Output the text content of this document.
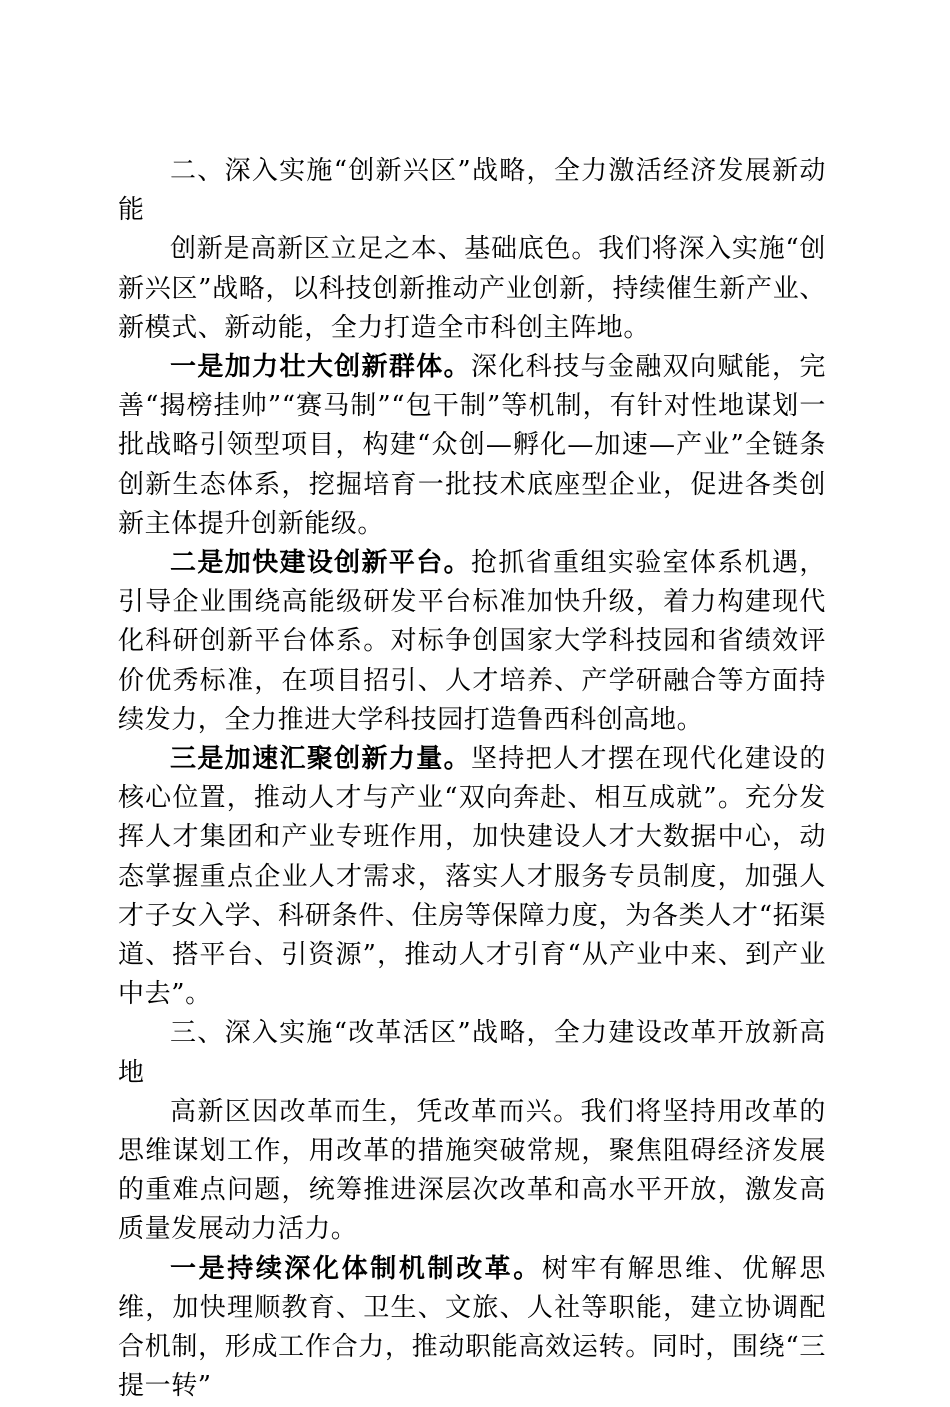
二、深入实施“创新兴区”战略，全力激活经济发展新动能

创新是高新区立足之本、基础底色。我们将深入实施“创新兴区”战略，以科技创新推动产业创新，持续催生新产业、新模式、新动能，全力打造全市科创主阵地。

一是加力壮大创新群体。深化科技与金融双向赋能，完善“揭榜挂帅”“赛马制”“包干制”等机制，有针对性地谋划一批战略引领型项目，构建“众创—孵化—加速—产业”全链条创新生态体系，挖掘培育一批技术底座型企业，促进各类创新主体提升创新能级。

二是加快建设创新平台。抢抓省重组实验室体系机遇，引导企业围绕高能级研发平台标准加快升级，着力构建现代化科研创新平台体系。对标争创国家大学科技园和省绩效评价优秀标准，在项目招引、人才培养、产学研融合等方面持续发力，全力推进大学科技园打造鲁西科创高地。

三是加速汇聚创新力量。坚持把人才摆在现代化建设的核心位置，推动人才与产业“双向奔赴、相互成就”。充分发挥人才集团和产业专班作用，加快建设人才大数据中心，动态掌握重点企业人才需求，落实人才服务专员制度，加强人才子女入学、科研条件、住房等保障力度，为各类人才“拓渠道、搭平台、引资源”，推动人才引育“从产业中来、到产业中去”。

三、深入实施“改革活区”战略，全力建设改革开放新高地

高新区因改革而生，凭改革而兴。我们将坚持用改革的思维谋划工作，用改革的措施突破常规，聚焦阻碍经济发展的重难点问题，统筹推进深层次改革和高水平开放，激发高质量发展动力活力。

一是持续深化体制机制改革。树牢有解思维、优解思维，加快理顺教育、卫生、文旅、人社等职能，建立协调配合机制，形成工作合力，推动职能高效运转。同时，围绕“三提一转”
